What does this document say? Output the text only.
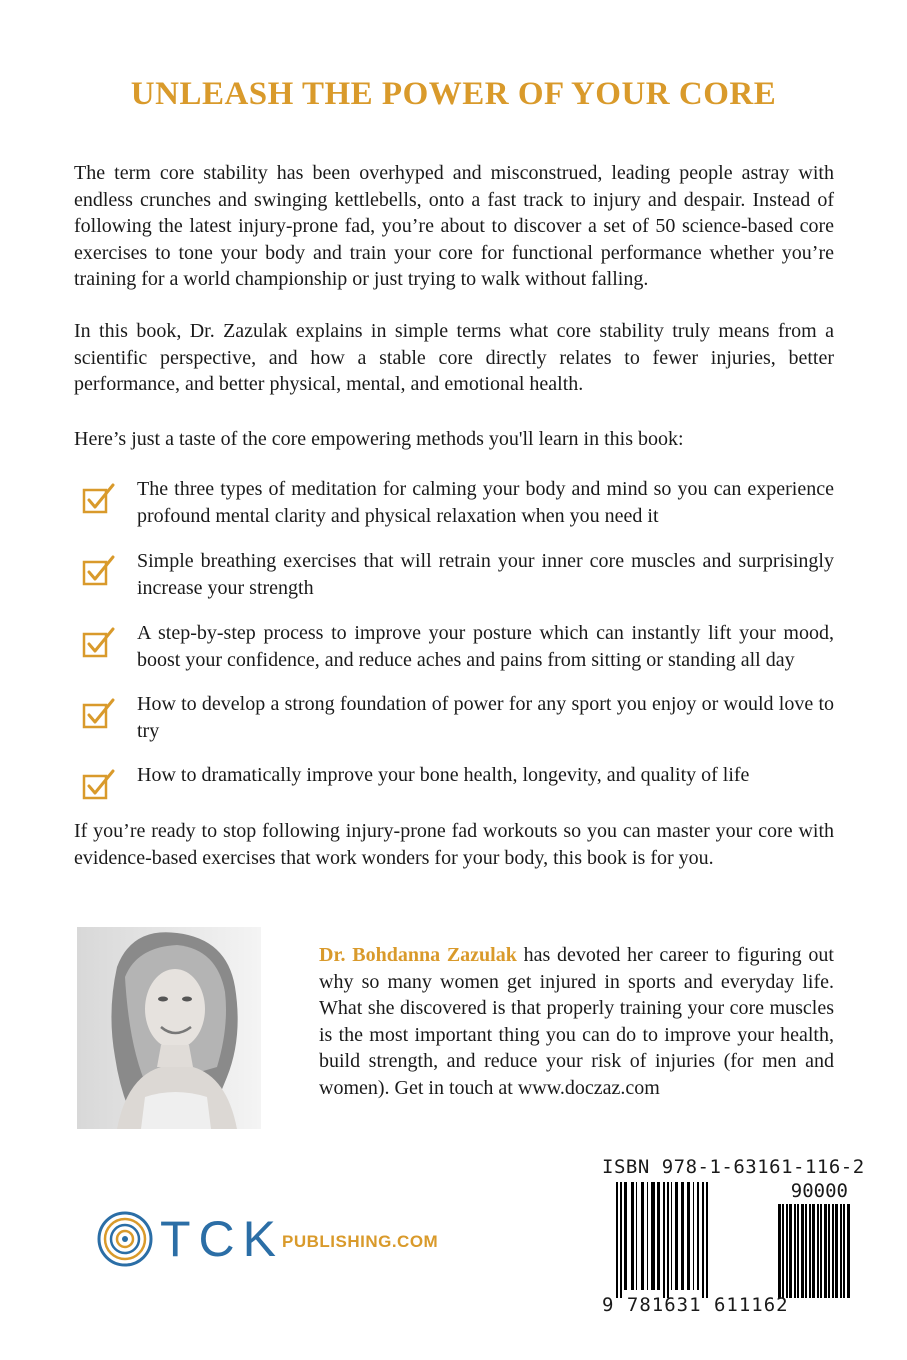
UNLEASH THE POWER OF YOUR CORE

The term core stability has been overhyped and misconstrued, leading people astray with endless crunches and swinging kettlebells, onto a fast track to injury and despair. Instead of following the latest injury-prone fad, you’re about to discover a set of 50 science-based core exercises to tone your body and train your core for functional performance whether you’re training for a world championship or just trying to walk without falling.

In this book, Dr. Zazulak explains in simple terms what core stability truly means from a scientific perspective, and how a stable core directly relates to fewer injuries, better performance, and better physical, mental, and emotional health.

Here’s just a taste of the core empowering methods you'll learn in this book:

The three types of meditation for calming your body and mind so you can experience profound mental clarity and physical relaxation when you need it
Simple breathing exercises that will retrain your inner core muscles and surprisingly increase your strength
A step-by-step process to improve your posture which can instantly lift your mood, boost your confidence, and reduce aches and pains from sitting or standing all day
How to develop a strong foundation of power for any sport you enjoy or would love to try
How to dramatically improve your bone health, longevity, and quality of life

If you’re ready to stop following injury-prone fad workouts so you can master your core with evidence-based exercises that work wonders for your body, this book is for you.

Dr. Bohdanna Zazulak has devoted her career to figuring out why so many women get injured in sports and everyday life. What she discovered is that properly training your core muscles is the most important thing you can do to improve your health, build strength, and reduce your risk of injuries (for men and women). Get in touch at www.doczaz.com

ISBN 978-1-63161-116-2
90000
9 781631 611162
TCK
PUBLISHING.COM
